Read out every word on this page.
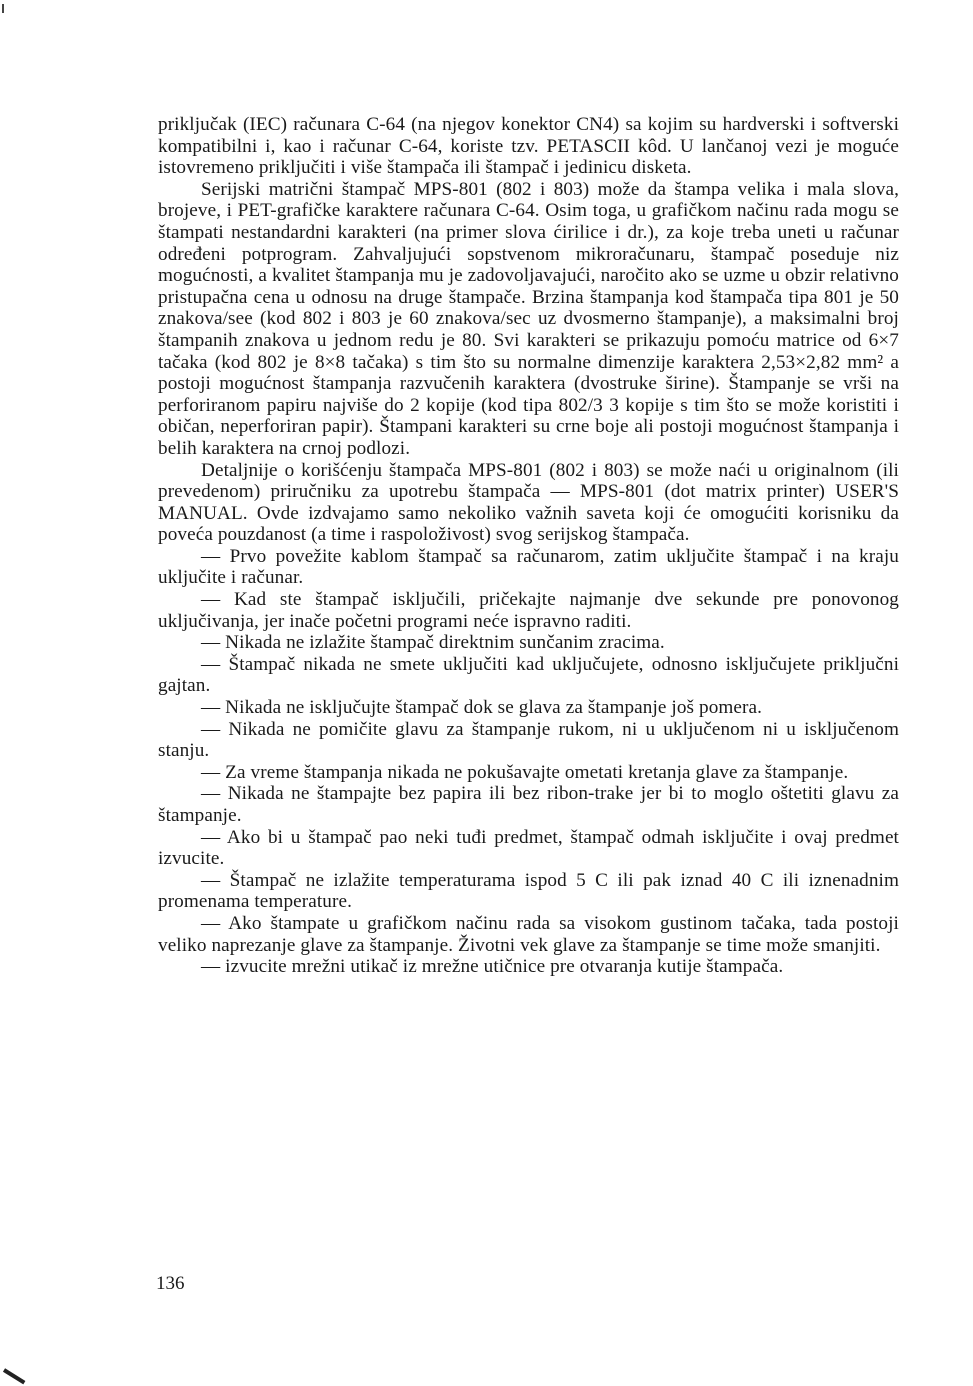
priključak (IEC) računara C-64 (na njegov konektor CN4) sa kojim su hardverski i softverski kompatibilni i, kao i računar C-64, koriste tzv. PETASCII kôd. U lančanoj vezi je moguće istovremeno priključiti i više štampača ili štampač i jedinicu disketa.

Serijski matrični štampač MPS-801 (802 i 803) može da štampa velika i mala slova, brojeve, i PET-grafičke karaktere računara C-64. Osim toga, u grafičkom načinu rada mogu se štampati nestandardni karakteri (na primer slova ćirilice i dr.), za koje treba uneti u računar određeni potprogram. Zahvaljujući sopstvenom mikroračunaru, štampač poseduje niz mogućnosti, a kvalitet štampanja mu je zadovoljavajući, naročito ako se uzme u obzir relativno pristupačna cena u odnosu na druge štampače. Brzina štampanja kod štampača tipa 801 je 50 znakova/see (kod 802 i 803 je 60 znakova/sec uz dvosmerno štampanje), a maksimalni broj štampanih znakova u jednom redu je 80. Svi karakteri se prikazuju pomoću matrice od 6×7 tačaka (kod 802 je 8×8 tačaka) s tim što su normalne dimenzije karaktera 2,53×2,82 mm² a postoji mogućnost štampanja razvučenih karaktera (dvostruke širine). Štampanje se vrši na perforiranom papiru najviše do 2 kopije (kod tipa 802/3 3 kopije s tim što se može koristiti i običan, neperforiran papir). Štampani karakteri su crne boje ali postoji mogućnost štampanja i belih karaktera na crnoj podlozi.

Detaljnije o korišćenju štampača MPS-801 (802 i 803) se može naći u originalnom (ili prevedenom) priručniku za upotrebu štampača — MPS-801 (dot matrix printer) USER'S MANUAL. Ovde izdvajamo samo nekoliko važnih saveta koji će omogućiti korisniku da poveća pouzdanost (a time i raspoloživost) svog serijskog štampača.

— Prvo povežite kablom štampač sa računarom, zatim uključite štampač i na kraju uključite i računar.

— Kad ste štampač isključili, pričekajte najmanje dve sekunde pre ponovonog uključivanja, jer inače početni programi neće ispravno raditi.

— Nikada ne izlažite štampač direktnim sunčanim zracima.

— Štampač nikada ne smete uključiti kad uključujete, odnosno isključujete priključni gajtan.

— Nikada ne isključujte štampač dok se glava za štampanje još pomera.

— Nikada ne pomičite glavu za štampanje rukom, ni u uključenom ni u isključenom stanju.

— Za vreme štampanja nikada ne pokušavajte ometati kretanja glave za štampanje.

— Nikada ne štampajte bez papira ili bez ribon-trake jer bi to moglo oštetiti glavu za štampanje.

— Ako bi u štampač pao neki tuđi predmet, štampač odmah isključite i ovaj predmet izvucite.

— Štampač ne izlažite temperaturama ispod 5 C ili pak iznad 40 C ili iznenadnim promenama temperature.

— Ako štampate u grafičkom načinu rada sa visokom gustinom tačaka, tada postoji veliko naprezanje glave za štampanje. Životni vek glave za štampanje se time može smanjiti.

— izvucite mrežni utikač iz mrežne utičnice pre otvaranja kutije štampača.

136
